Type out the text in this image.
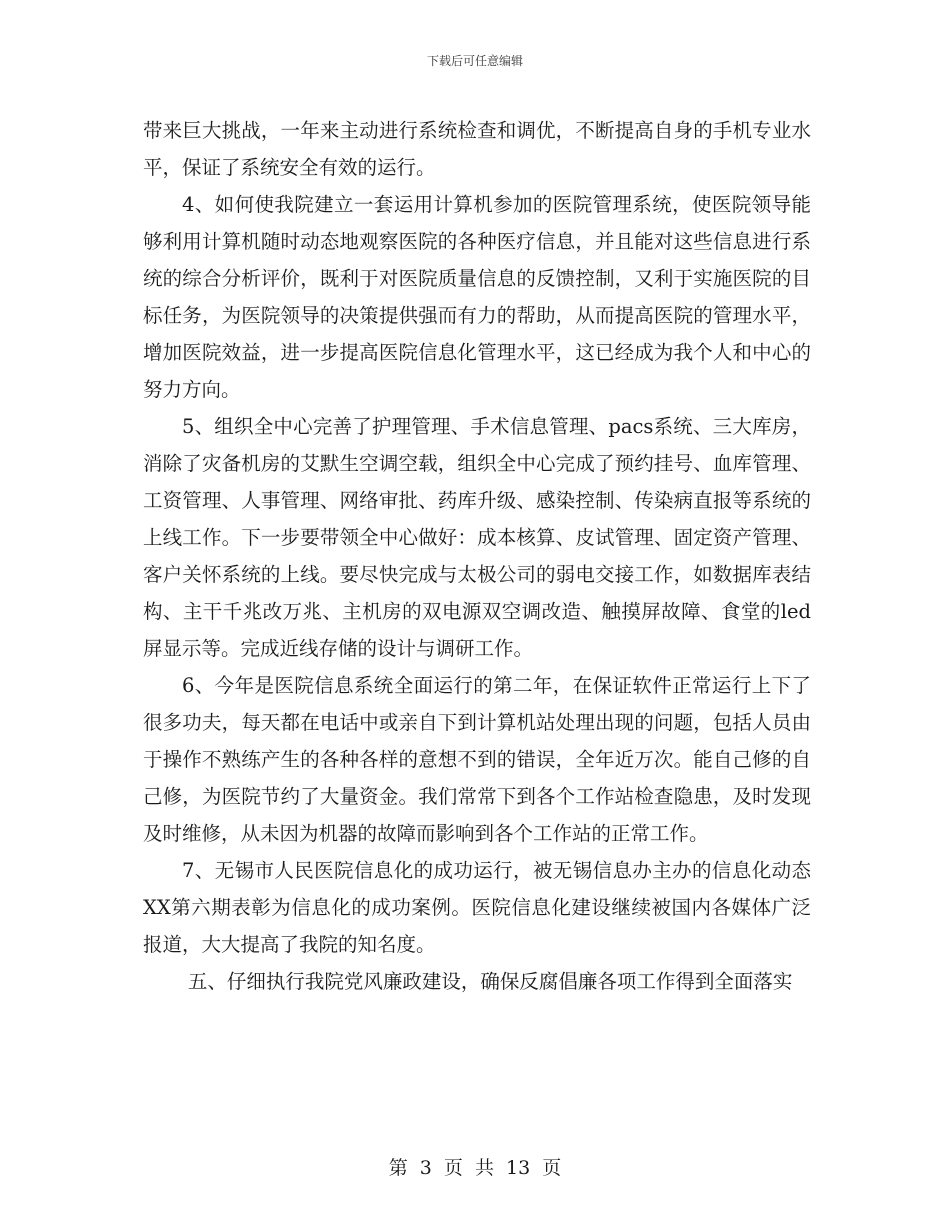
下载后可任意编辑

带来巨大挑战，一年来主动进行系统检查和调优，不断提高自身的手机专业水平，保证了系统安全有效的运行。

4、如何使我院建立一套运用计算机参加的医院管理系统，使医院领导能够利用计算机随时动态地观察医院的各种医疗信息，并且能对这些信息进行系统的综合分析评价，既利于对医院质量信息的反馈控制，又利于实施医院的目标任务，为医院领导的决策提供强而有力的帮助，从而提高医院的管理水平，增加医院效益，进一步提高医院信息化管理水平，这已经成为我个人和中心的努力方向。

5、组织全中心完善了护理管理、手术信息管理、pacs系统、三大库房，消除了灾备机房的艾默生空调空载，组织全中心完成了预约挂号、血库管理、工资管理、人事管理、网络审批、药库升级、感染控制、传染病直报等系统的上线工作。下一步要带领全中心做好：成本核算、皮试管理、固定资产管理、客户关怀系统的上线。要尽快完成与太极公司的弱电交接工作，如数据库表结构、主干千兆改万兆、主机房的双电源双空调改造、触摸屏故障、食堂的led屏显示等。完成近线存储的设计与调研工作。

6、今年是医院信息系统全面运行的第二年，在保证软件正常运行上下了很多功夫，每天都在电话中或亲自下到计算机站处理出现的问题，包括人员由于操作不熟练产生的各种各样的意想不到的错误，全年近万次。能自己修的自己修，为医院节约了大量资金。我们常常下到各个工作站检查隐患，及时发现及时维修，从未因为机器的故障而影响到各个工作站的正常工作。

7、无锡市人民医院信息化的成功运行，被无锡信息办主办的信息化动态XX第六期表彰为信息化的成功案例。医院信息化建设继续被国内各媒体广泛报道，大大提高了我院的知名度。

五、仔细执行我院党风廉政建设，确保反腐倡廉各项工作得到全面落实

第 3 页 共 13 页
